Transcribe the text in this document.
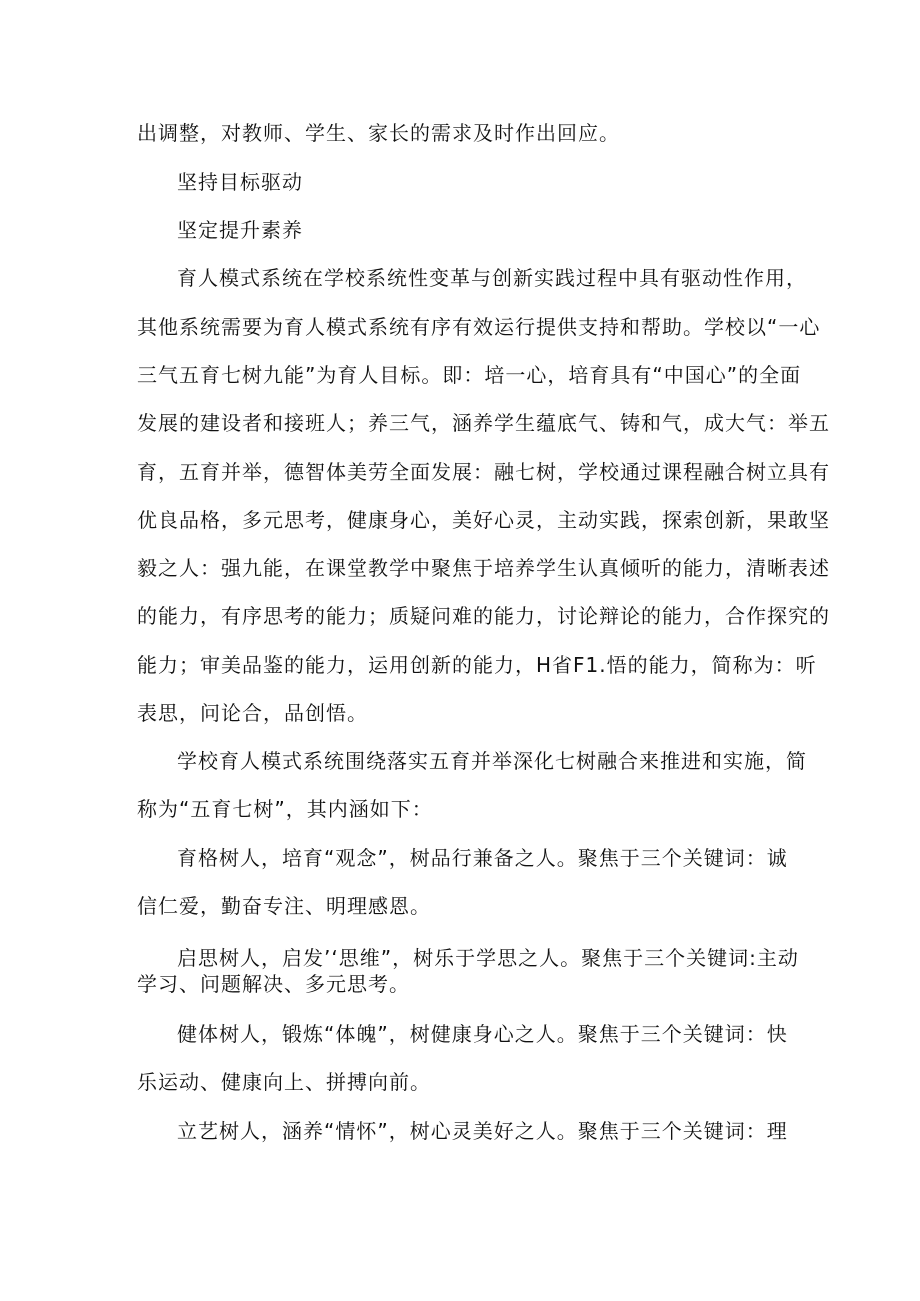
出调整，对教师、学生、家长的需求及时作出回应。
坚持目标驱动
坚定提升素养
育人模式系统在学校系统性变革与创新实践过程中具有驱动性作用，
其他系统需要为育人模式系统有序有效运行提供支持和帮助。学校以“一心
三气五育七树九能”为育人目标。即：培一心，培育具有“中国心”的全面
发展的建设者和接班人；养三气，涵养学生蕴底气、铸和气，成大气：举五
育，五育并举，德智体美劳全面发展：融七树，学校通过课程融合树立具有
优良品格，多元思考，健康身心，美好心灵，主动实践，探索创新，果敢坚
毅之人：强九能，在课堂教学中聚焦于培养学生认真倾听的能力，清晰表述
的能力，有序思考的能力；质疑问难的能力，讨论辩论的能力，合作探究的
能力；审美品鉴的能力，运用创新的能力，H省F1.悟的能力，简称为：听
表思，问论合，品创悟。
学校育人模式系统围绕落实五育并举深化七树融合来推进和实施，简
称为“五育七树”，其内涵如下：
育格树人，培育“观念”，树品行兼备之人。聚焦于三个关键词：诚
信仁爱，勤奋专注、明理感恩。
启思树人，启发’‘思维”，树乐于学思之人。聚焦于三个关键词:主动
学习、问题解决、多元思考。
健体树人，锻炼“体魄”，树健康身心之人。聚焦于三个关键词：快
乐运动、健康向上、拼搏向前。
立艺树人，涵养“情怀”，树心灵美好之人。聚焦于三个关键词：理
